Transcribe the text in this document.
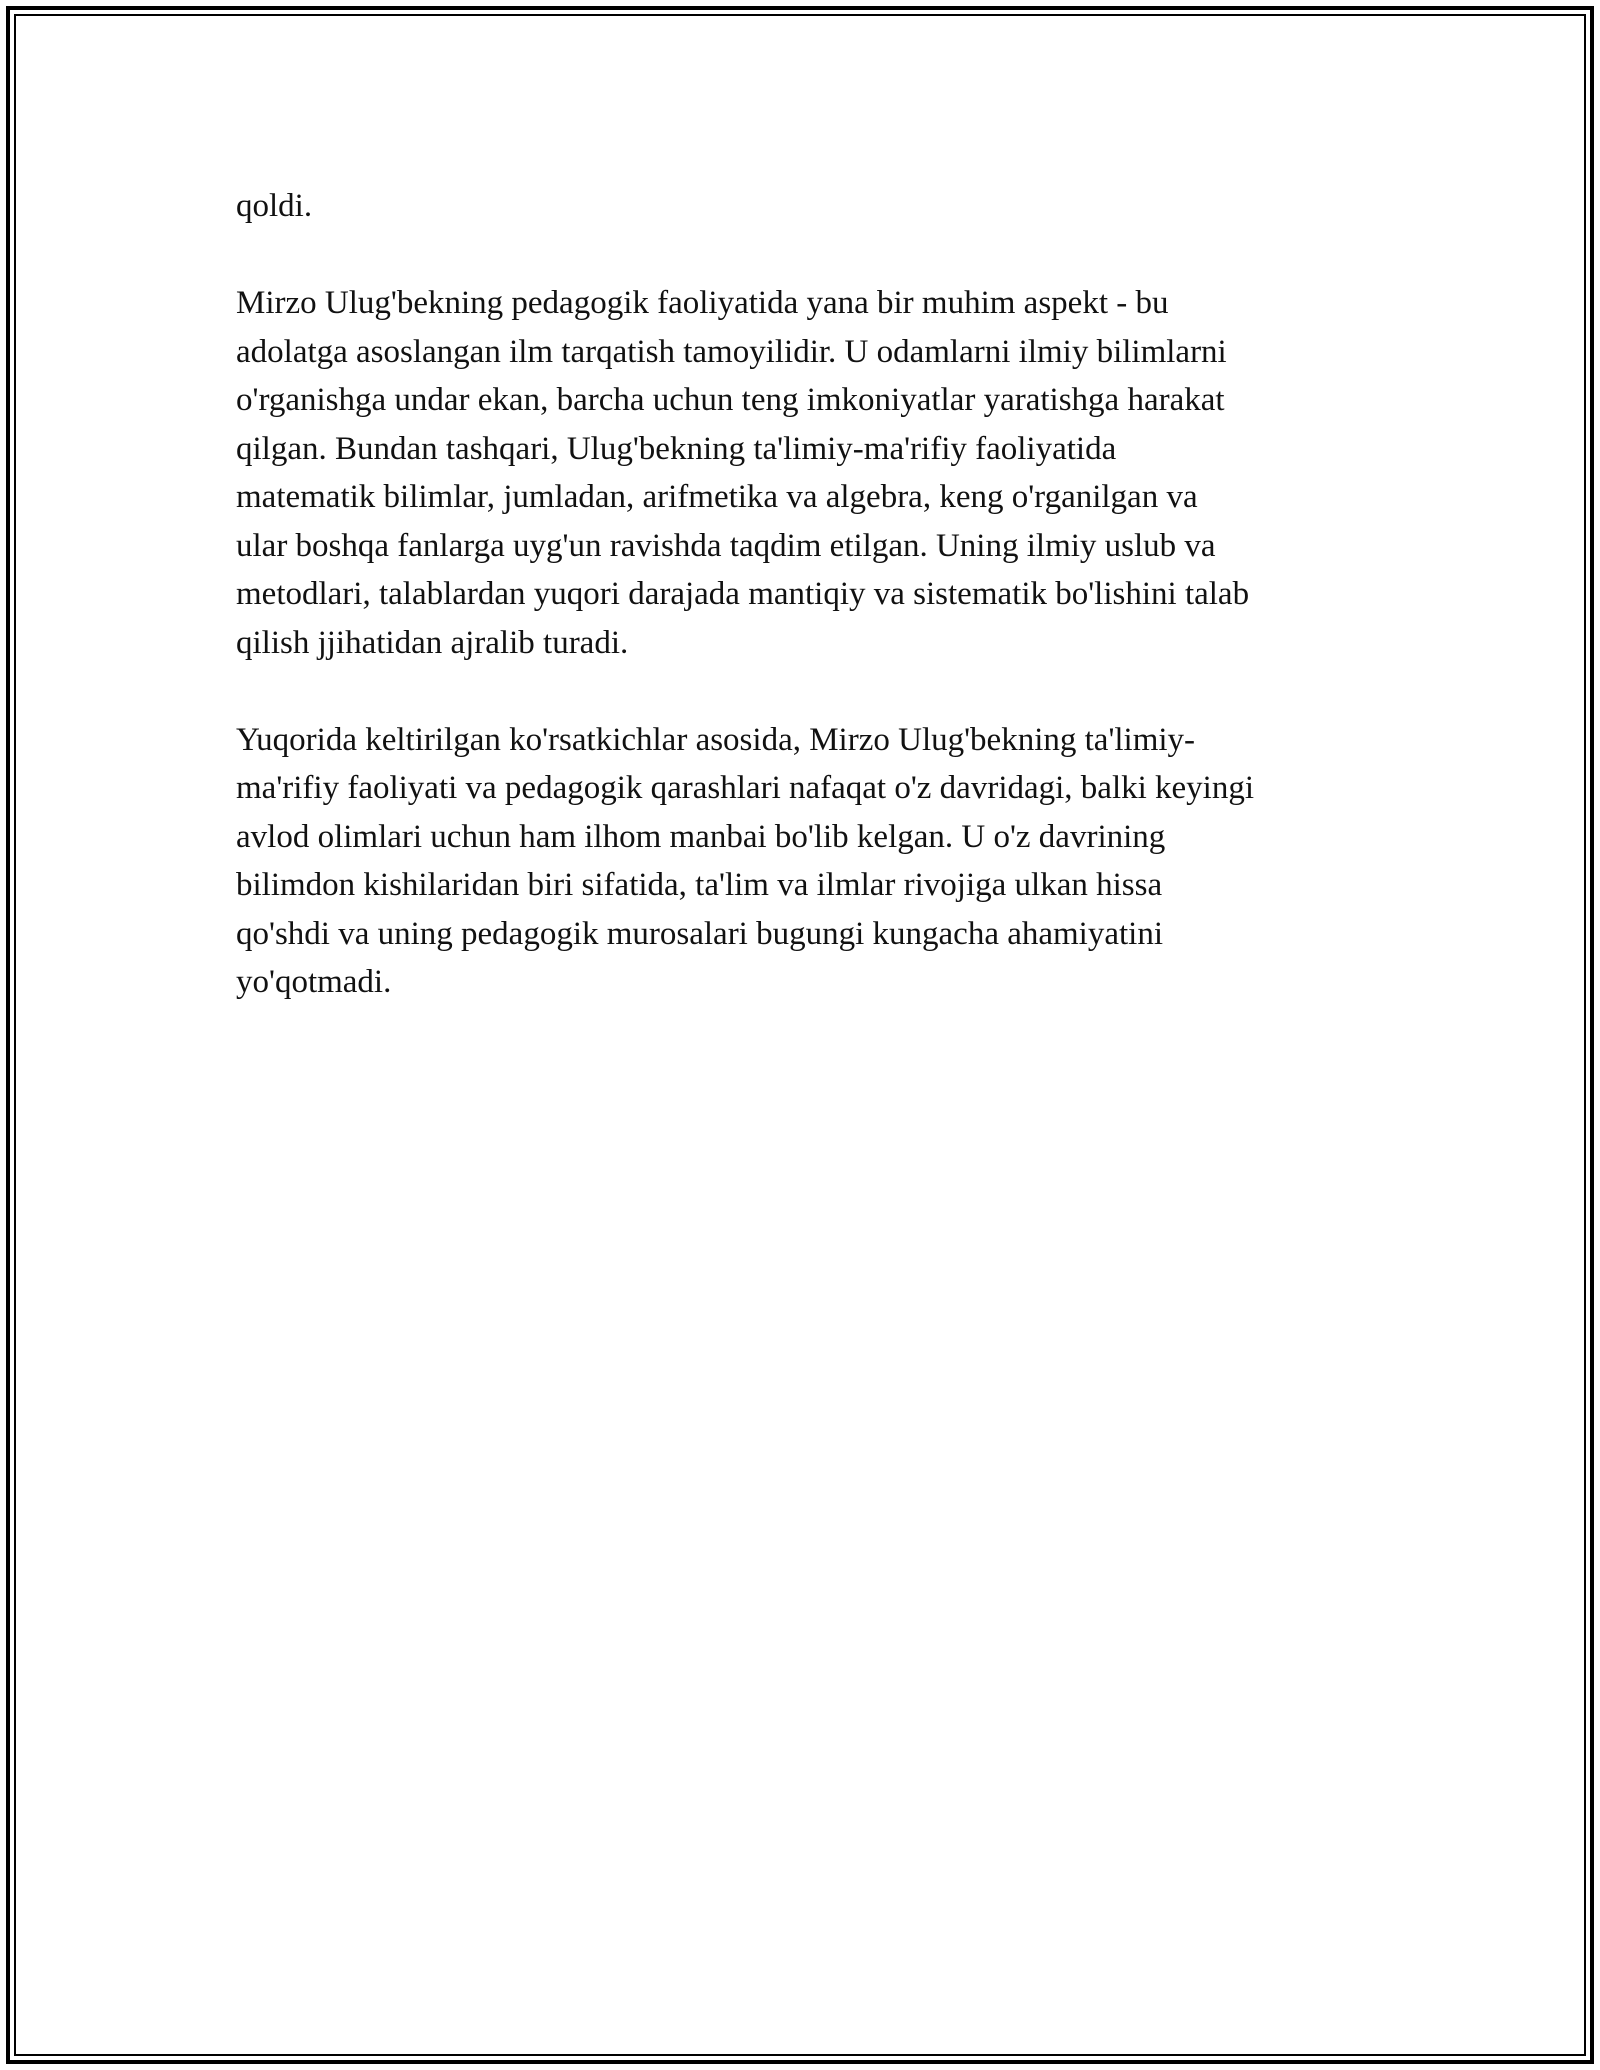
qoldi.
Mirzo Ulug'bekning pedagogik faoliyatida yana bir muhim aspekt - bu
adolatga asoslangan ilm tarqatish tamoyilidir. U odamlarni ilmiy bilimlarni
o'rganishga undar ekan, barcha uchun teng imkoniyatlar yaratishga harakat
qilgan. Bundan tashqari, Ulug'bekning ta'limiy-ma'rifiy faoliyatida
matematik bilimlar, jumladan, arifmetika va algebra, keng o'rganilgan va
ular boshqa fanlarga uyg'un ravishda taqdim etilgan. Uning ilmiy uslub va
metodlari, talablardan yuqori darajada mantiqiy va sistematik bo'lishini talab
qilish jjihatidan ajralib turadi.
Yuqorida keltirilgan ko'rsatkichlar asosida, Mirzo Ulug'bekning ta'limiy-
ma'rifiy faoliyati va pedagogik qarashlari nafaqat o'z davridagi, balki keyingi
avlod olimlari uchun ham ilhom manbai bo'lib kelgan. U o'z davrining
bilimdon kishilaridan biri sifatida, ta'lim va ilmlar rivojiga ulkan hissa
qo'shdi va uning pedagogik murosalari bugungi kungacha ahamiyatini
yo'qotmadi.
